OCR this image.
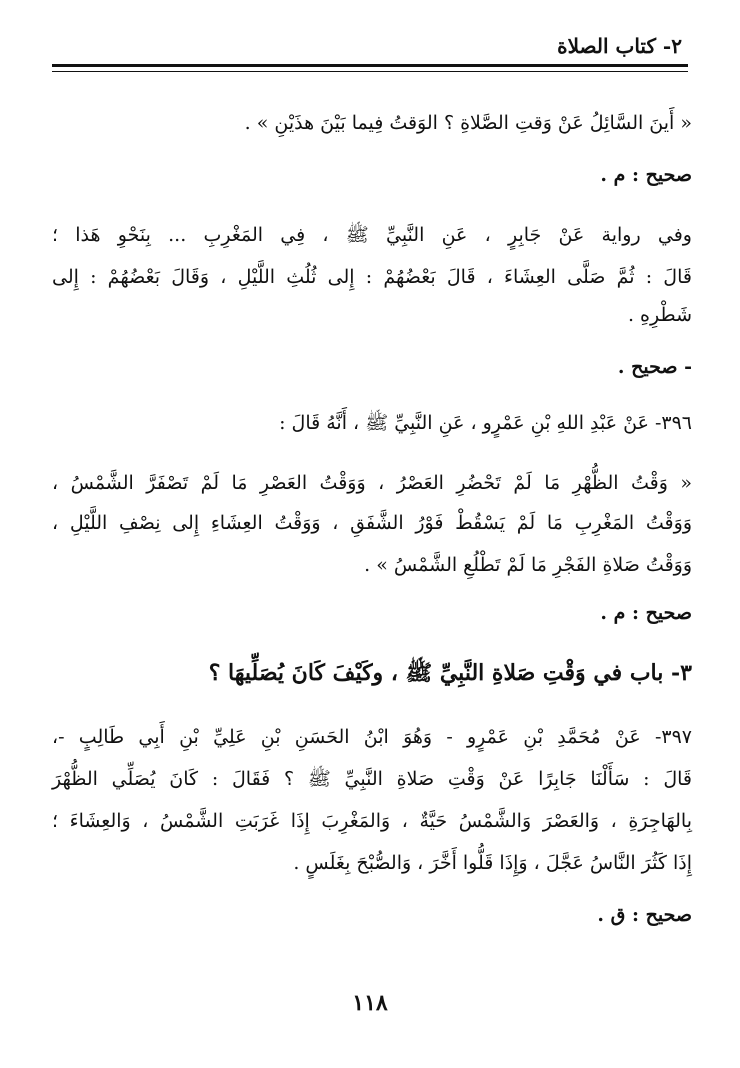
٢- كتاب الصلاة
« أَينَ السَّائِلُ عَنْ وَقتِ الصَّلاةِ ؟ الوَقتُ فِيما بَيْنَ هذَيْنِ » .
صحيح : م .
وفي رواية عَنْ جَابِرٍ ، عَنِ النَّبِيِّ ﷺ ، فِي المَغْرِبِ ... بِنَحْوِ هَذا ؛
قَالَ : ثُمَّ صَلَّى العِشَاءَ ، قَالَ بَعْضُهُمْ : إِلى ثُلُثِ اللَّيْلِ ، وَقَالَ بَعْضُهُمْ : إِلى
شَطْرِهِ .
- صحيح .
٣٩٦- عَنْ عَبْدِ اللهِ بْنِ عَمْرٍو ، عَنِ النَّبِيِّ ﷺ ، أَنَّهُ قَالَ :
« وَقْتُ الظُّهْرِ مَا لَمْ تَحْضُرِ العَصْرُ ، وَوَقْتُ العَصْرِ مَا لَمْ تَصْفَرَّ الشَّمْسُ ،
وَوَقْتُ المَغْرِبِ مَا لَمْ يَسْقُطْ فَوْرُ الشَّفَقِ ، وَوَقْتُ العِشَاءِ إِلى نِصْفِ اللَّيْلِ ،
وَوَقْتُ صَلاةِ الفَجْرِ مَا لَمْ تَطْلُعِ الشَّمْسُ » .
صحيح : م .
٣- باب في وَقْتِ صَلاةِ النَّبِيِّ ﷺ ، وكَيْفَ كَانَ يُصَلِّيهَا ؟
٣٩٧- عَنْ مُحَمَّدِ بْنِ عَمْرٍو - وَهُوَ ابْنُ الحَسَنِ بْنِ عَلِيِّ بْنِ أَبِي طَالِبٍ -،
قَالَ : سَأَلْنَا جَابِرًا عَنْ وَقْتِ صَلاةِ النَّبِيِّ ﷺ ؟ فَقَالَ : كَانَ يُصَلِّي الظُّهْرَ
بِالهَاجِرَةِ ، وَالعَصْرَ وَالشَّمْسُ حَيَّةٌ ، وَالمَغْرِبَ إِذَا غَرَبَتِ الشَّمْسُ ، وَالعِشَاءَ ؛
إِذَا كَثُرَ النَّاسُ عَجَّلَ ، وَإِذَا قَلُّوا أَخَّرَ ، وَالصُّبْحَ بِغَلَسٍ .
صحيح : ق .
١١٨
